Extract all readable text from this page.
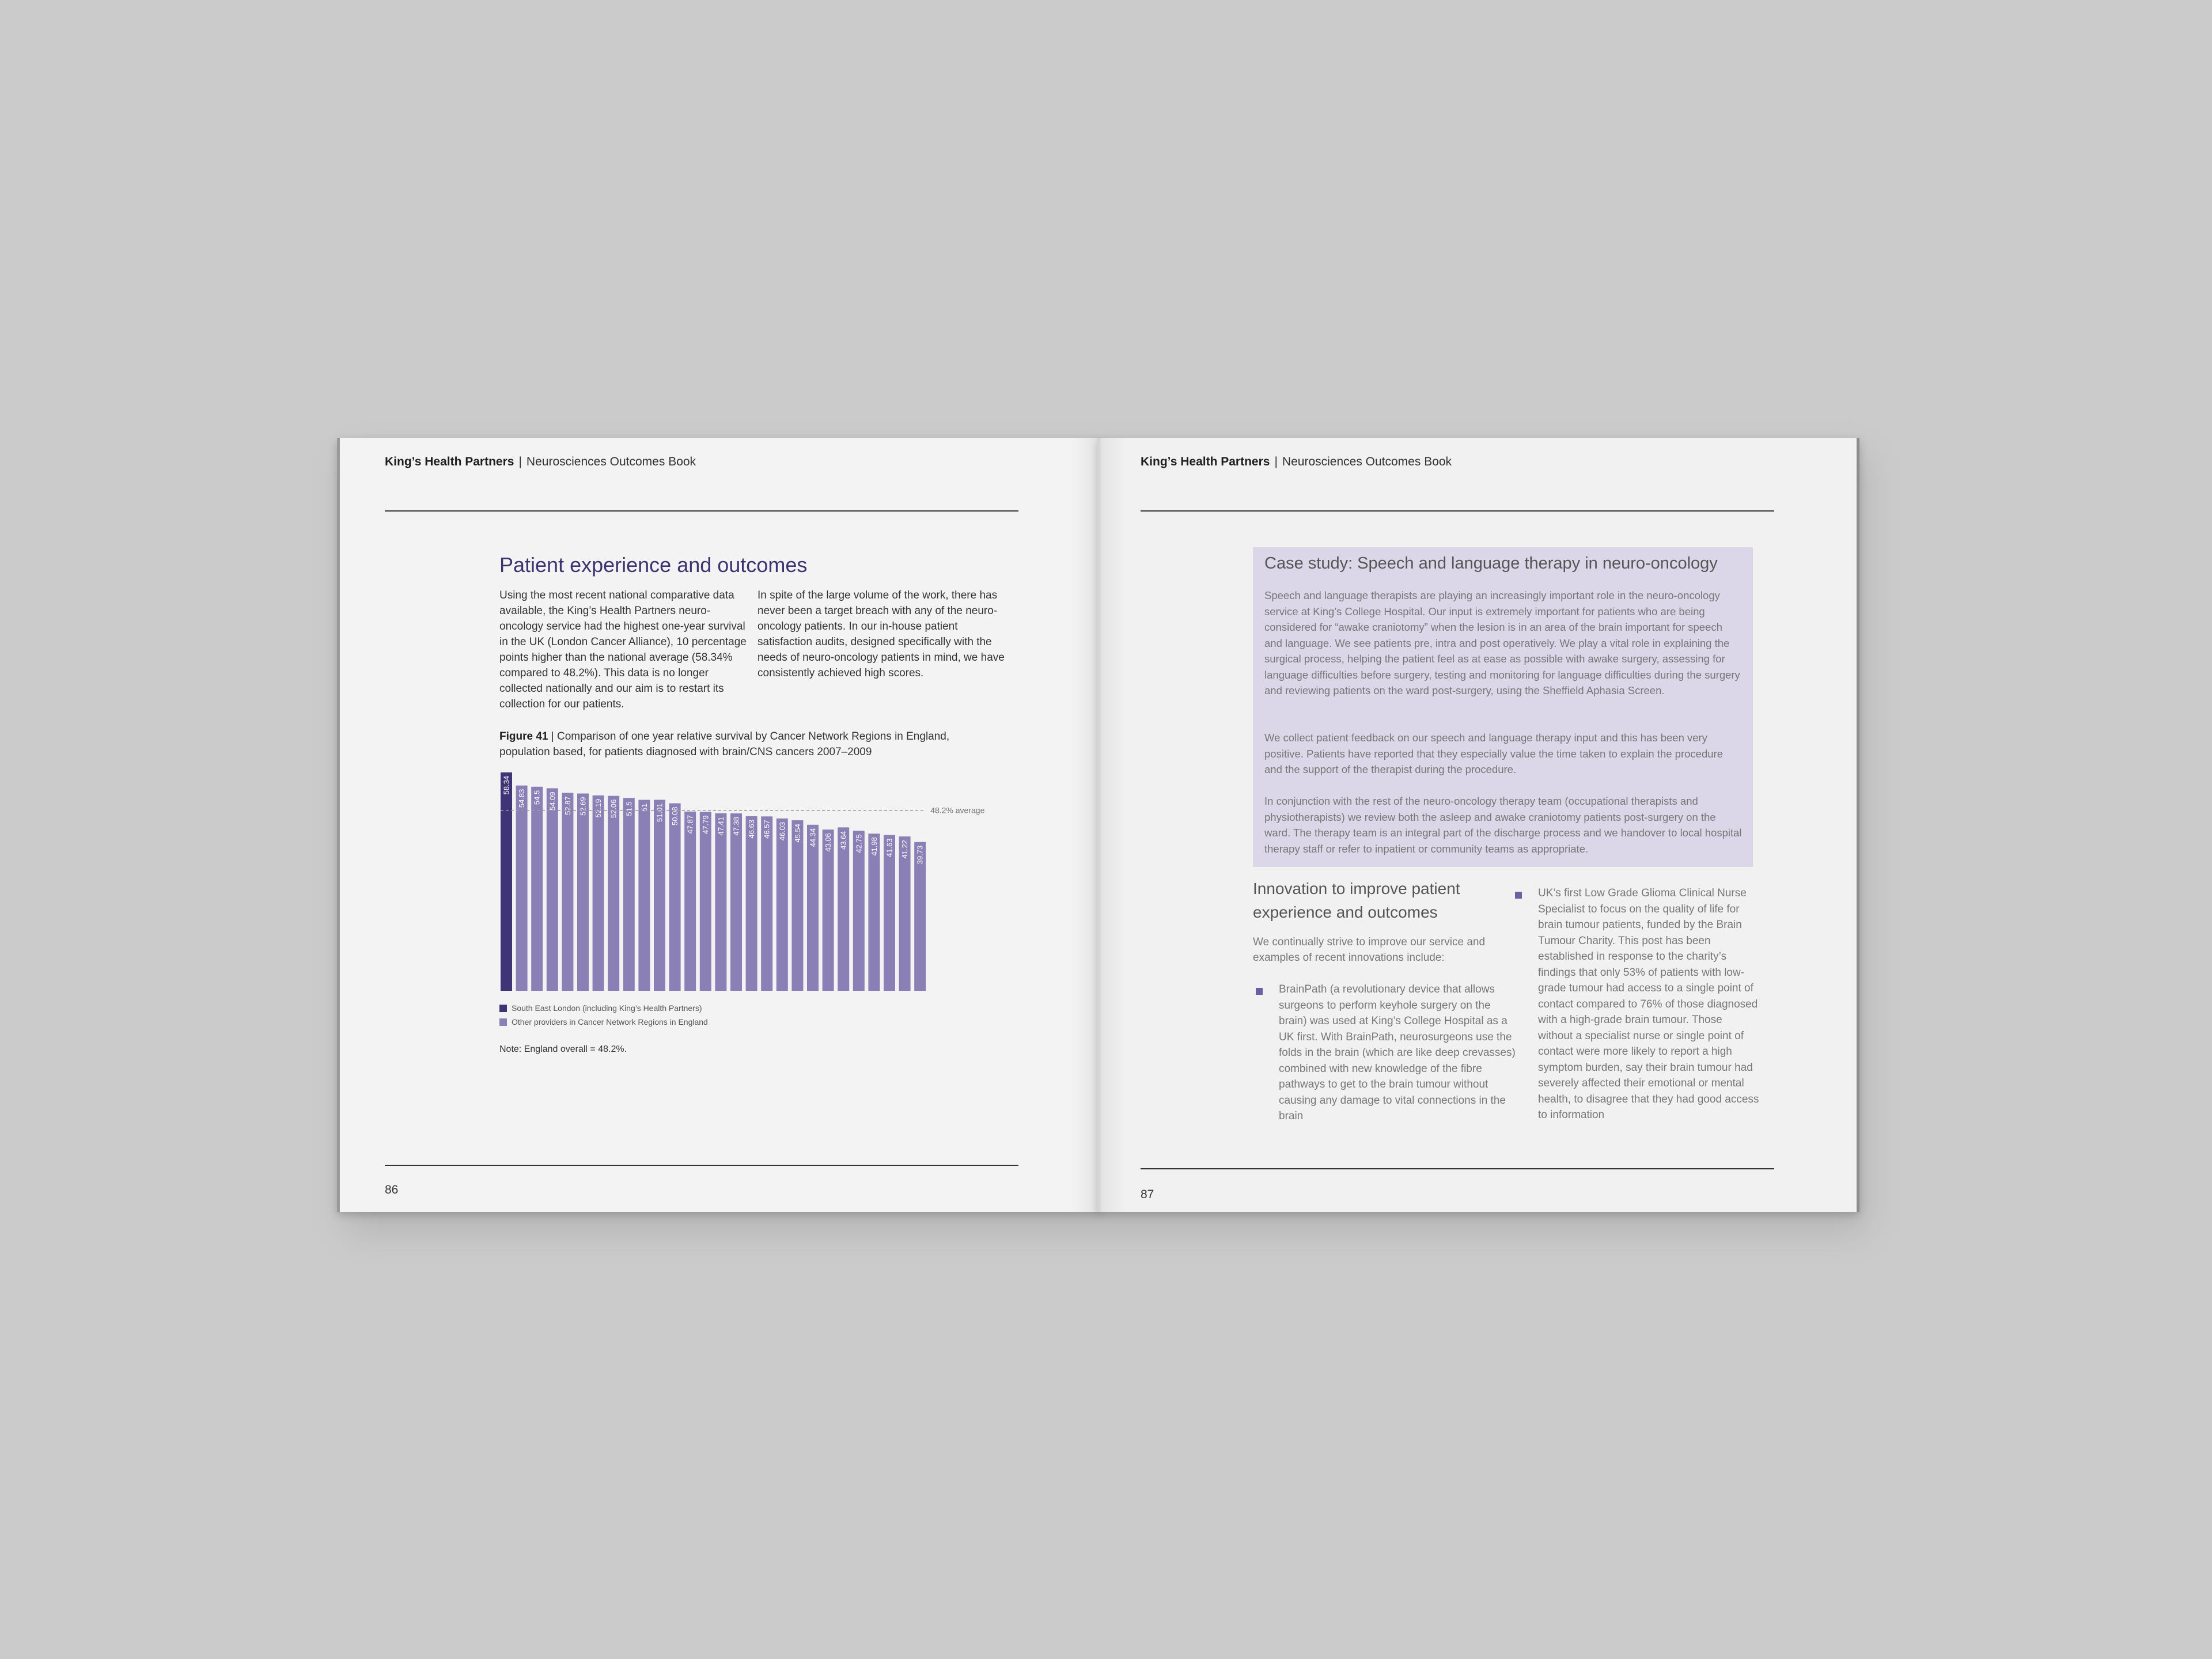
King’s Health Partners | Neurosciences Outcomes Book
Patient experience and outcomes

Using the most recent national comparative data available, the King’s Health Partners neuro-oncology service had the highest one-year survival in the UK (London Cancer Alliance), 10 percentage points higher than the national average (58.34% compared to 48.2%). This data is no longer collected nationally and our aim is to restart its collection for our patients.

In spite of the large volume of the work, there has never been a target breach with any of the neuro-oncology patients. In our in-house patient satisfaction audits, designed specifically with the needs of neuro-oncology patients in mind, we have consistently achieved high scores.

Figure 41 | Comparison of one year relative survival by Cancer Network Regions in England, population based, for patients diagnosed with brain/CNS cancers 2007–2009

58.34
54.83 54.5 54.09 52.87 52.69 52.19 52.06 51.5 51 51.01 50.08 47.87 47.79 47.41 47.38 46.63 46.57 46.03 45.54 44.34 43.06 43.64 42.75 41.98 41.63 41.22 39.73
48.2% average
South East London (including King’s Health Partners)
Other providers in Cancer Network Regions in England

Note: England overall = 48.2%.

86
King’s Health Partners | Neurosciences Outcomes Book
Case study: Speech and language therapy in neuro-oncology

Speech and language therapists are playing an increasingly important role in the neuro-oncology service at King’s College Hospital. Our input is extremely important for patients who are being considered for “awake craniotomy” when the lesion is in an area of the brain important for speech and language. We see patients pre, intra and post operatively. We play a vital role in explaining the surgical process, helping the patient feel as at ease as possible with awake surgery, assessing for language difficulties before surgery, testing and monitoring for language difficulties during the surgery and reviewing patients on the ward post-surgery, using the Sheffield Aphasia Screen.

We collect patient feedback on our speech and language therapy input and this has been very positive. Patients have reported that they especially value the time taken to explain the procedure and the support of the therapist during the procedure.

In conjunction with the rest of the neuro-oncology therapy team (occupational therapists and physiotherapists) we review both the asleep and awake craniotomy patients post-surgery on the ward. The therapy team is an integral part of the discharge process and we handover to local hospital therapy staff or refer to inpatient or community teams as appropriate.

Innovation to improve patient experience and outcomes

We continually strive to improve our service and examples of recent innovations include:

BrainPath (a revolutionary device that allows surgeons to perform keyhole surgery on the brain) was used at King’s College Hospital as a UK first. With BrainPath, neurosurgeons use the folds in the brain (which are like deep crevasses) combined with new knowledge of the fibre pathways to get to the brain tumour without causing any damage to vital connections in the brain

UK’s first Low Grade Glioma Clinical Nurse Specialist to focus on the quality of life for brain tumour patients, funded by the Brain Tumour Charity. This post has been established in response to the charity’s findings that only 53% of patients with low-grade tumour had access to a single point of contact compared to 76% of those diagnosed with a high-grade brain tumour. Those without a specialist nurse or single point of contact were more likely to report a high symptom burden, say their brain tumour had severely affected their emotional or mental health, to disagree that they had good access to information

87
